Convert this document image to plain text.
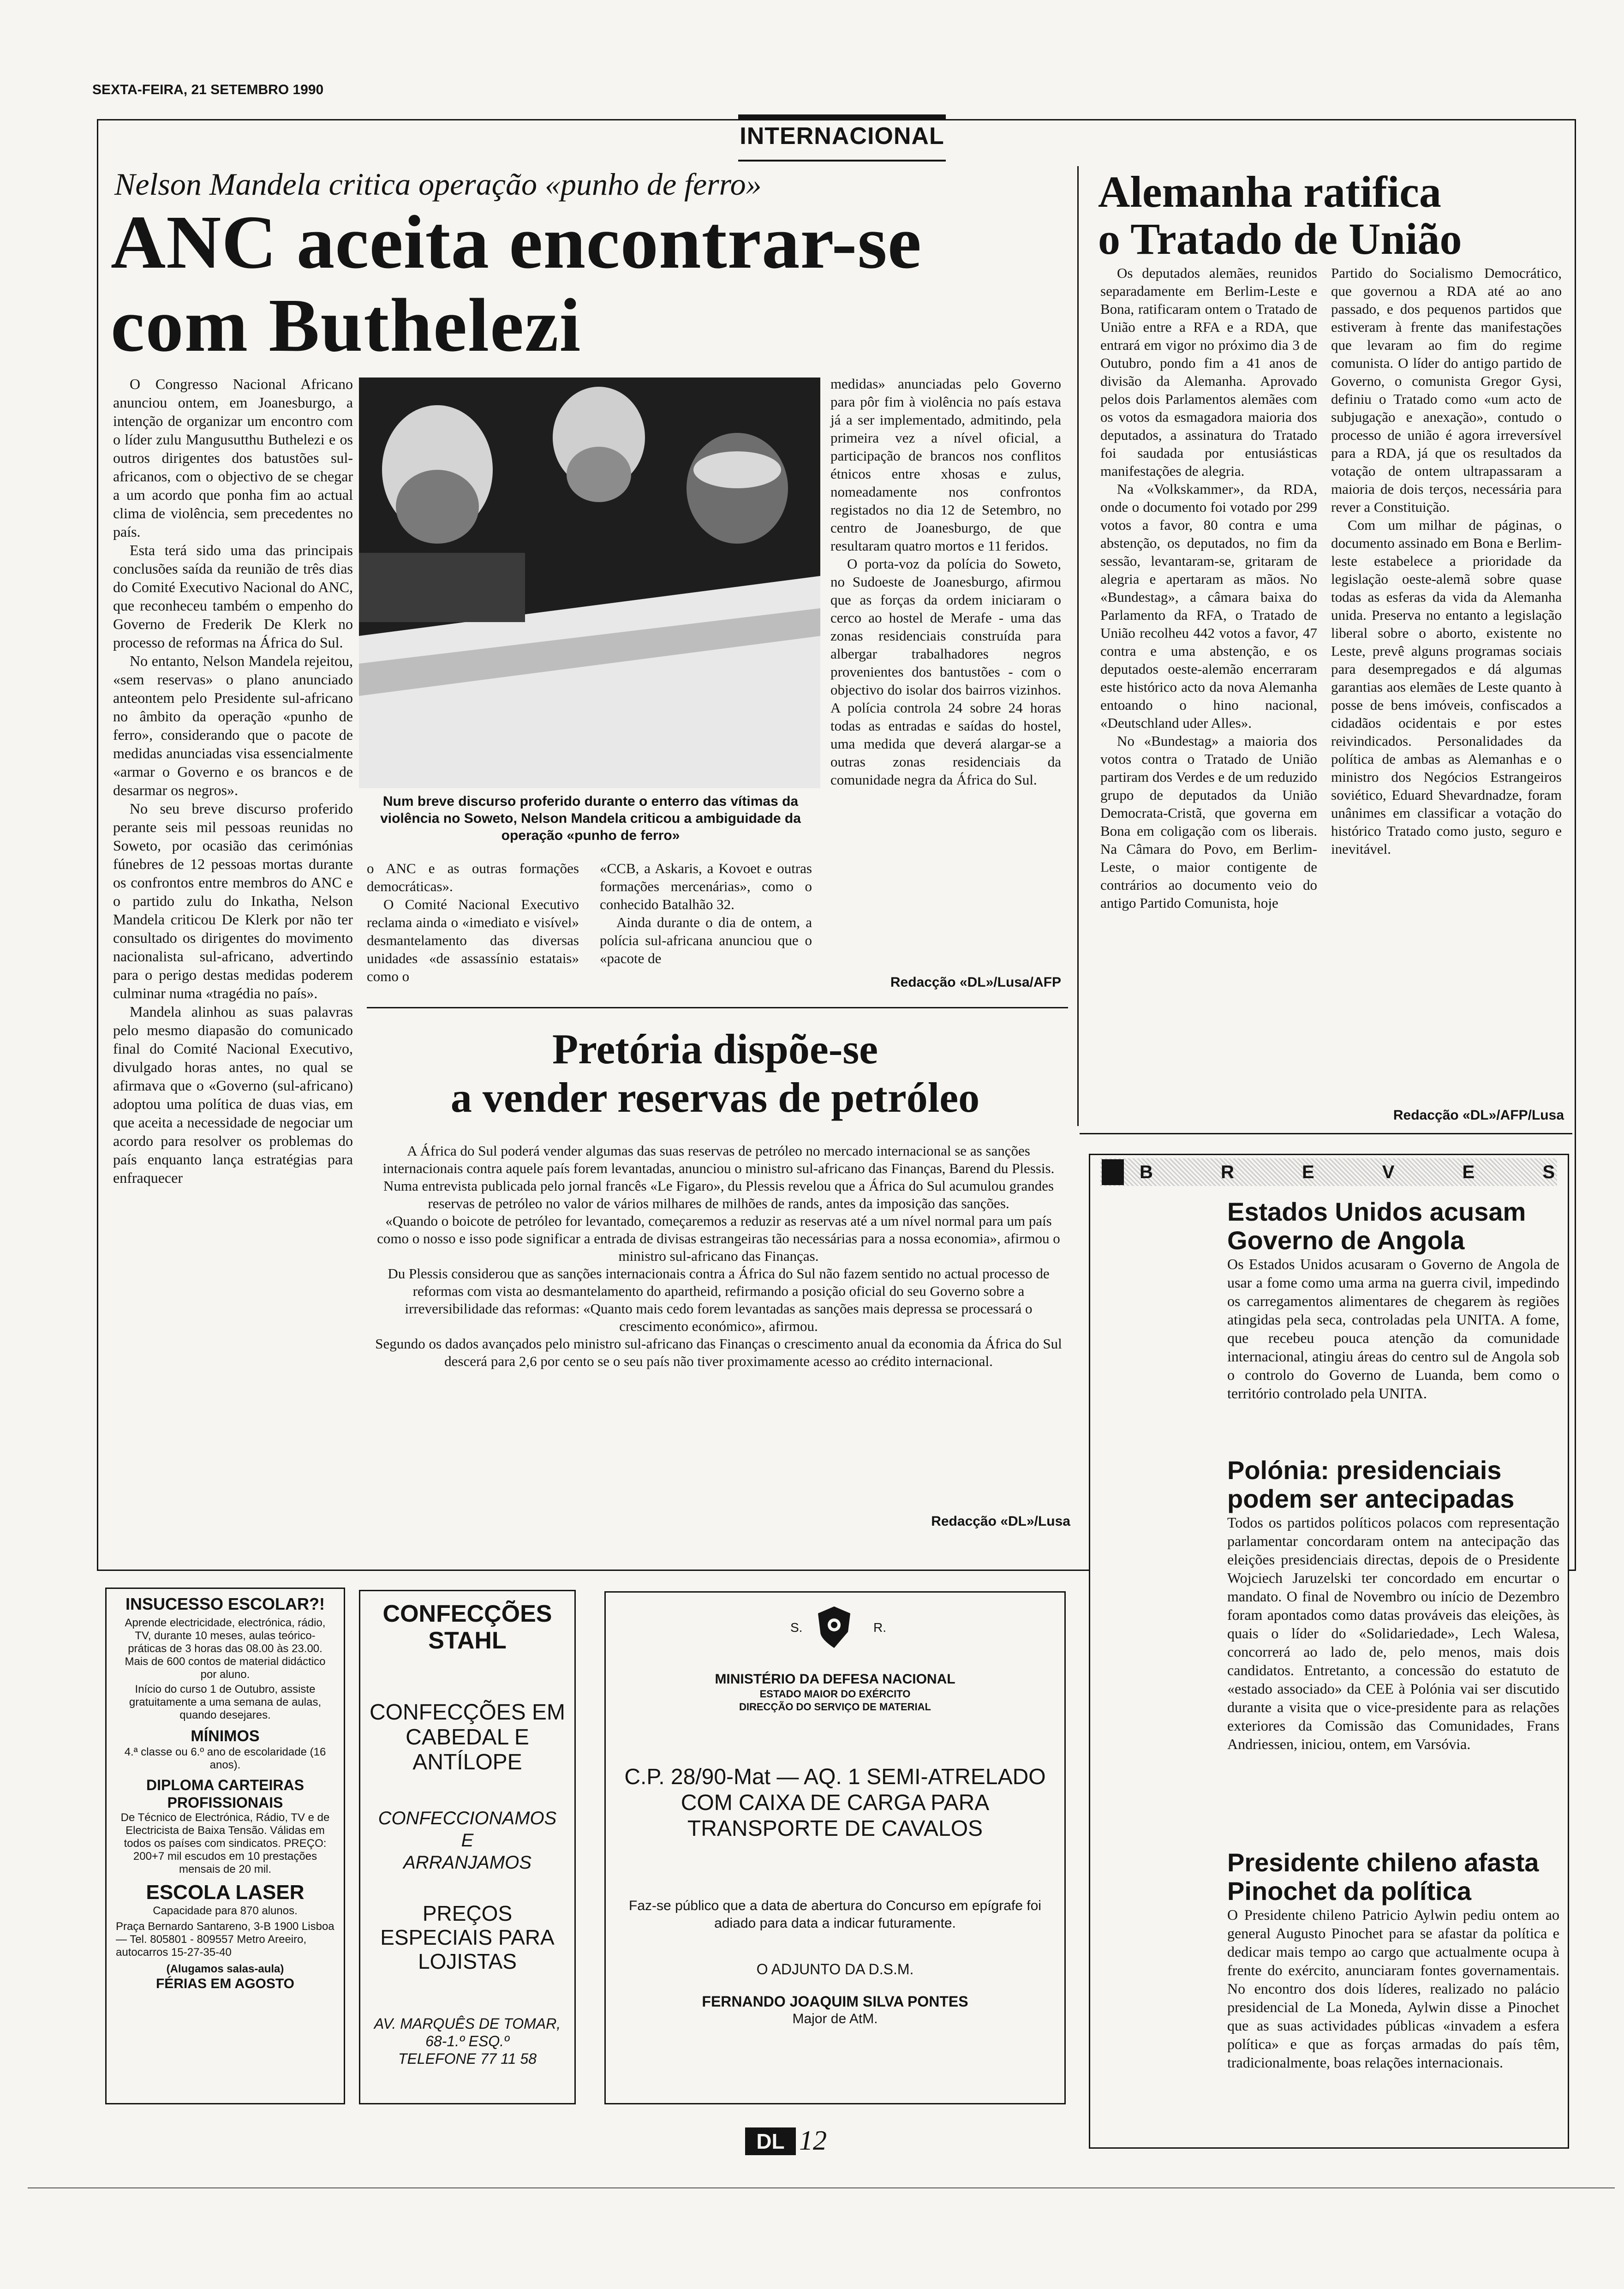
SEXTA-FEIRA, 21 SETEMBRO 1990
INTERNACIONAL
Nelson Mandela critica operação «punho de ferro»
ANC aceita encontrar-se
com Buthelezi

O Congresso Nacional Africano anunciou ontem, em Joanesburgo, a intenção de organizar um encontro com o líder zulu Mangusutthu Buthelezi e os outros dirigentes dos batustões sul-africanos, com o objectivo de se chegar a um acordo que ponha fim ao actual clima de violência, sem precedentes no país.

Esta terá sido uma das principais conclusões saída da reunião de três dias do Comité Executivo Nacional do ANC, que reconheceu também o empenho do Governo de Frederik De Klerk no processo de reformas na África do Sul.

No entanto, Nelson Mandela rejeitou, «sem reservas» o plano anunciado anteontem pelo Presidente sul-africano no âmbito da operação «punho de ferro», considerando que o pacote de medidas anunciadas visa essencialmente «armar o Governo e os brancos e de desarmar os negros».

No seu breve discurso proferido perante seis mil pessoas reunidas no Soweto, por ocasião das cerimónias fúnebres de 12 pessoas mortas durante os confrontos entre membros do ANC e o partido zulu do Inkatha, Nelson Mandela criticou De Klerk por não ter consultado os dirigentes do movimento nacionalista sul-africano, advertindo para o perigo destas medidas poderem culminar numa «tragédia no país».

Mandela alinhou as suas palavras pelo mesmo diapasão do comunicado final do Comité Nacional Executivo, divulgado horas antes, no qual se afirmava que o «Governo (sul-africano) adoptou uma política de duas vias, em que aceita a necessidade de negociar um acordo para resolver os problemas do país enquanto lança estratégias para enfraquecer

Num breve discurso proferido durante o enterro das vítimas da violência no Soweto, Nelson Mandela criticou a ambiguidade da operação «punho de ferro»

o ANC e as outras formações democráticas».

O Comité Nacional Executivo reclama ainda o «imediato e visível» desmantelamento das diversas unidades «de assassínio estatais» como o

«CCB, a Askaris, a Kovoet e outras formações mercenárias», como o conhecido Batalhão 32.

Ainda durante o dia de ontem, a polícia sul-africana anunciou que o «pacote de

medidas» anunciadas pelo Governo para pôr fim à violência no país estava já a ser implementado, admitindo, pela primeira vez a nível oficial, a participação de brancos nos conflitos étnicos entre xhosas e zulus, nomeadamente nos confrontos registados no dia 12 de Setembro, no centro de Joanesburgo, de que resultaram quatro mortos e 11 feridos.

O porta-voz da polícia do Soweto, no Sudoeste de Joanesburgo, afirmou que as forças da ordem iniciaram o cerco ao hostel de Merafe - uma das zonas residenciais construída para albergar trabalhadores negros provenientes dos bantustões - com o objectivo do isolar dos bairros vizinhos. A polícia controla 24 sobre 24 horas todas as entradas e saídas do hostel, uma medida que deverá alargar-se a outras zonas residenciais da comunidade negra da África do Sul.

Redacção «DL»/Lusa/AFP
Pretória dispõe-se
a vender reservas de petróleo
A África do Sul poderá vender algumas das suas reservas de petróleo no mercado internacional se as sanções internacionais contra aquele país forem levantadas, anunciou o ministro sul-africano das Finanças, Barend du Plessis.
Numa entrevista publicada pelo jornal francês «Le Figaro», du Plessis revelou que a África do Sul acumulou grandes reservas de petróleo no valor de vários milhares de milhões de rands, antes da imposição das sanções.
«Quando o boicote de petróleo for levantado, começaremos a reduzir as reservas até a um nível normal para um país como o nosso e isso pode significar a entrada de divisas estrangeiras tão necessárias para a nossa economia», afirmou o ministro sul-africano das Finanças.
Du Plessis considerou que as sanções internacionais contra a África do Sul não fazem sentido no actual processo de reformas com vista ao desmantelamento do apartheid, refirmando a posição oficial do seu Governo sobre a irreversibilidade das reformas: «Quanto mais cedo forem levantadas as sanções mais depressa se processará o crescimento económico», afirmou.
Segundo os dados avançados pelo ministro sul-africano das Finanças o crescimento anual da economia da África do Sul descerá para 2,6 por cento se o seu país não tiver proximamente acesso ao crédito internacional.
Redacção «DL»/Lusa
Alemanha ratifica
o Tratado de União

Os deputados alemães, reunidos separadamente em Berlim-Leste e Bona, ratificaram ontem o Tratado de União entre a RFA e a RDA, que entrará em vigor no próximo dia 3 de Outubro, pondo fim a 41 anos de divisão da Alemanha. Aprovado pelos dois Parlamentos alemães com os votos da esmagadora maioria dos deputados, a assinatura do Tratado foi saudada por entusiásticas manifestações de alegria.

Na «Volkskammer», da RDA, onde o documento foi votado por 299 votos a favor, 80 contra e uma abstenção, os deputados, no fim da sessão, levantaram-se, gritaram de alegria e apertaram as mãos. No «Bundestag», a câmara baixa do Parlamento da RFA, o Tratado de União recolheu 442 votos a favor, 47 contra e uma abstenção, e os deputados oeste-alemão encerraram este histórico acto da nova Alemanha entoando o hino nacional, «Deutschland uder Alles».

No «Bundestag» a maioria dos votos contra o Tratado de União partiram dos Verdes e de um reduzido grupo de deputados da União Democrata-Cristã, que governa em Bona em coligação com os liberais. Na Câmara do Povo, em Berlim-Leste, o maior contigente de contrários ao documento veio do antigo Partido Comunista, hoje

Partido do Socialismo Democrático, que governou a RDA até ao ano passado, e dos pequenos partidos que estiveram à frente das manifestações que levaram ao fim do regime comunista. O líder do antigo partido de Governo, o comunista Gregor Gysi, definiu o Tratado como «um acto de subjugação e anexação», contudo o processo de união é agora irreversível para a RDA, já que os resultados da votação de ontem ultrapassaram a maioria de dois terços, necessária para rever a Constituição.

Com um milhar de páginas, o documento assinado em Bona e Berlim-leste estabelece a prioridade da legislação oeste-alemã sobre quase todas as esferas da vida da Alemanha unida. Preserva no entanto a legislação liberal sobre o aborto, existente no Leste, prevê alguns programas sociais para desempregados e dá algumas garantias aos elemães de Leste quanto à posse de bens imóveis, confiscados a cidadãos ocidentais e por estes reivindicados. Personalidades da política de ambas as Alemanhas e o ministro dos Negócios Estrangeiros soviético, Eduard Shevardnadze, foram unânimes em classificar a votação do histórico Tratado como justo, seguro e inevitável.

Redacção «DL»/AFP/Lusa
B	R	E	V	E	S
Estados Unidos acusam Governo de Angola
Os Estados Unidos acusaram o Governo de Angola de usar a fome como uma arma na guerra civil, impedindo os carregamentos alimentares de chegarem às regiões atingidas pela seca, controladas pela UNITA. A fome, que recebeu pouca atenção da comunidade internacional, atingiu áreas do centro sul de Angola sob o controlo do Governo de Luanda, bem como o território controlado pela UNITA.
Polónia: presidenciais podem ser antecipadas
Todos os partidos políticos polacos com representação parlamentar concordaram ontem na antecipação das eleições presidenciais directas, depois de o Presidente Wojciech Jaruzelski ter concordado em encurtar o mandato. O final de Novembro ou início de Dezembro foram apontados como datas prováveis das eleições, às quais o líder do «Solidariedade», Lech Walesa, concorrerá ao lado de, pelo menos, mais dois candidatos. Entretanto, a concessão do estatuto de «estado associado» da CEE à Polónia vai ser discutido durante a visita que o vice-presidente para as relações exteriores da Comissão das Comunidades, Frans Andriessen, iniciou, ontem, em Varsóvia.
Presidente chileno afasta Pinochet da política
O Presidente chileno Patricio Aylwin pediu ontem ao general Augusto Pinochet para se afastar da política e dedicar mais tempo ao cargo que actualmente ocupa à frente do exército, anunciaram fontes governamentais. No encontro dos dois líderes, realizado no palácio presidencial de La Moneda, Aylwin disse a Pinochet que as suas actividades públicas «invadem a esfera política» e que as forças armadas do país têm, tradicionalmente, boas relações internacionais.
INSUCESSO ESCOLAR?!
Aprende electricidade, electrónica, rádio, TV, durante 10 meses, aulas teórico-práticas de 3 horas das 08.00 às 23.00. Mais de 600 contos de material didáctico por aluno.
Início do curso 1 de Outubro, assiste gratuitamente a uma semana de aulas, quando desejares.
MÍNIMOS
4.ª classe ou 6.º ano de escolaridade (16 anos).
DIPLOMA CARTEIRAS PROFISSIONAIS
De Técnico de Electrónica, Rádio, TV e de Electricista de Baixa Tensão. Válidas em todos os países com sindicatos. PREÇO: 200+7 mil escudos em 10 prestações mensais de 20 mil.
ESCOLA LASER
Capacidade para 870 alunos.
Praça Bernardo Santareno, 3-B 1900 Lisboa — Tel. 805801 - 809557 Metro Areeiro, autocarros 15-27-35-40
(Alugamos salas-aula)
FÉRIAS EM AGOSTO
CONFECÇÕES STAHL
CONFECÇÕES EM CABEDAL E ANTÍLOPE
CONFECCIONAMOS
E
ARRANJAMOS
PREÇOS ESPECIAIS PARA LOJISTAS
AV. MARQUÊS DE TOMAR,
68-1.º ESQ.º
TELEFONE 77 11 58
S.	R.
MINISTÉRIO DA DEFESA NACIONAL
ESTADO MAIOR DO EXÉRCITO
DIRECÇÃO DO SERVIÇO DE MATERIAL
C.P. 28/90-Mat — AQ. 1 SEMI-ATRELADO COM CAIXA DE CARGA PARA TRANSPORTE DE CAVALOS
Faz-se público que a data de abertura do Concurso em epígrafe foi adiado para data a indicar futuramente.
O ADJUNTO DA D.S.M.
FERNANDO JOAQUIM SILVA PONTES
Major de AtM.
DL 12
